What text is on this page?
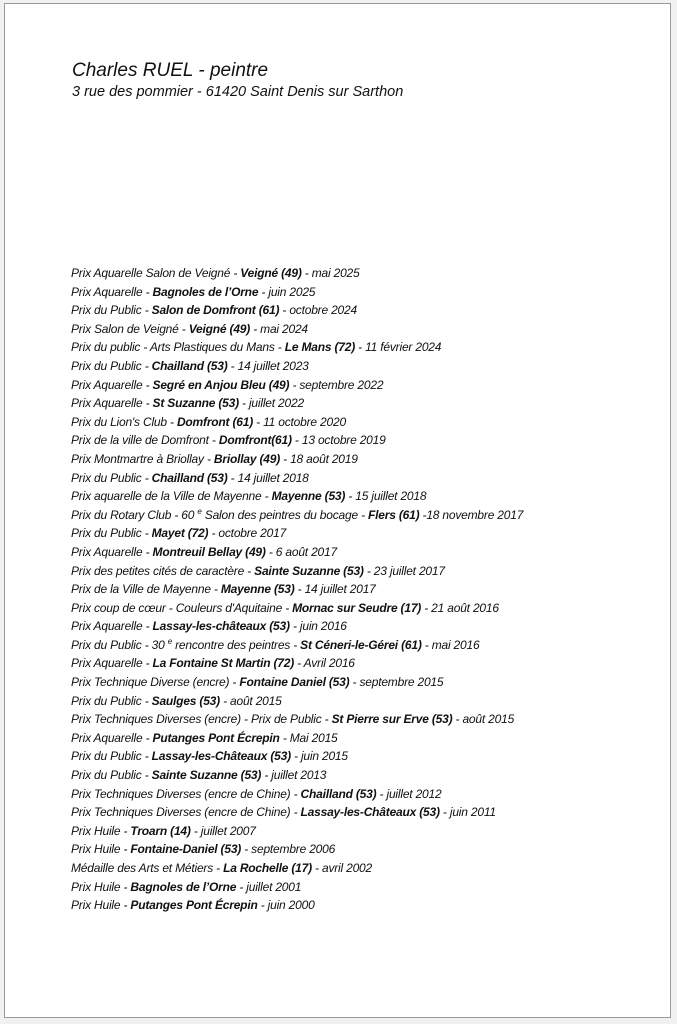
Charles RUEL - peintre
3 rue des pommier - 61420 Saint Denis sur Sarthon
Prix Aquarelle Salon de Veigné - Veigné (49) - mai 2025
Prix Aquarelle - Bagnoles de l’Orne - juin 2025
Prix du Public - Salon de Domfront (61) - octobre 2024
Prix Salon de Veigné - Veigné (49) - mai 2024
Prix du public - Arts Plastiques du Mans - Le Mans (72) - 11 février 2024
Prix du Public - Chailland (53) - 14 juillet 2023
Prix Aquarelle - Segré en Anjou Bleu (49) - septembre 2022
Prix Aquarelle - St Suzanne (53) - juillet 2022
Prix du Lion's Club - Domfront (61) - 11 octobre 2020
Prix de la ville de Domfront - Domfront(61) - 13 octobre 2019
Prix Montmartre à Briollay - Briollay (49) - 18 août 2019
Prix du Public - Chailland (53) - 14 juillet 2018
Prix aquarelle de la Ville de Mayenne - Mayenne (53) - 15 juillet 2018
Prix du Rotary Club - 60 $^e$ Salon des peintres du bocage - Flers (61) -18 novembre 2017
Prix du Public - Mayet (72) - octobre 2017
Prix Aquarelle - Montreuil Bellay (49) - 6 août 2017
Prix des petites cités de caractère - Sainte Suzanne (53) - 23 juillet 2017
Prix de la Ville de Mayenne - Mayenne (53) - 14 juillet 2017
Prix coup de cœur - Couleurs d'Aquitaine - Mornac sur Seudre (17) - 21 août 2016
Prix Aquarelle - Lassay-les-châteaux (53) - juin 2016
Prix du Public - 30 $^e$ rencontre des peintres - St Céneri-le-Gérei (61) - mai 2016
Prix Aquarelle - La Fontaine St Martin (72) - Avril 2016
Prix Technique Diverse (encre) - Fontaine Daniel (53) - septembre 2015
Prix du Public - Saulges (53) - août 2015
Prix Techniques Diverses (encre) - Prix de Public - St Pierre sur Erve (53) - août 2015
Prix Aquarelle - Putanges Pont Écrepin - Mai 2015
Prix du Public - Lassay-les-Châteaux (53) - juin 2015
Prix du Public - Sainte Suzanne (53) - juillet 2013
Prix Techniques Diverses (encre de Chine) - Chailland (53) - juillet 2012
Prix Techniques Diverses (encre de Chine) - Lassay-les-Châteaux (53) - juin 2011
Prix Huile - Troarn (14) - juillet 2007
Prix Huile - Fontaine-Daniel (53) - septembre 2006
Médaille des Arts et Métiers - La Rochelle (17) - avril 2002
Prix Huile - Bagnoles de l’Orne - juillet 2001
Prix Huile - Putanges Pont Écrepin - juin 2000
